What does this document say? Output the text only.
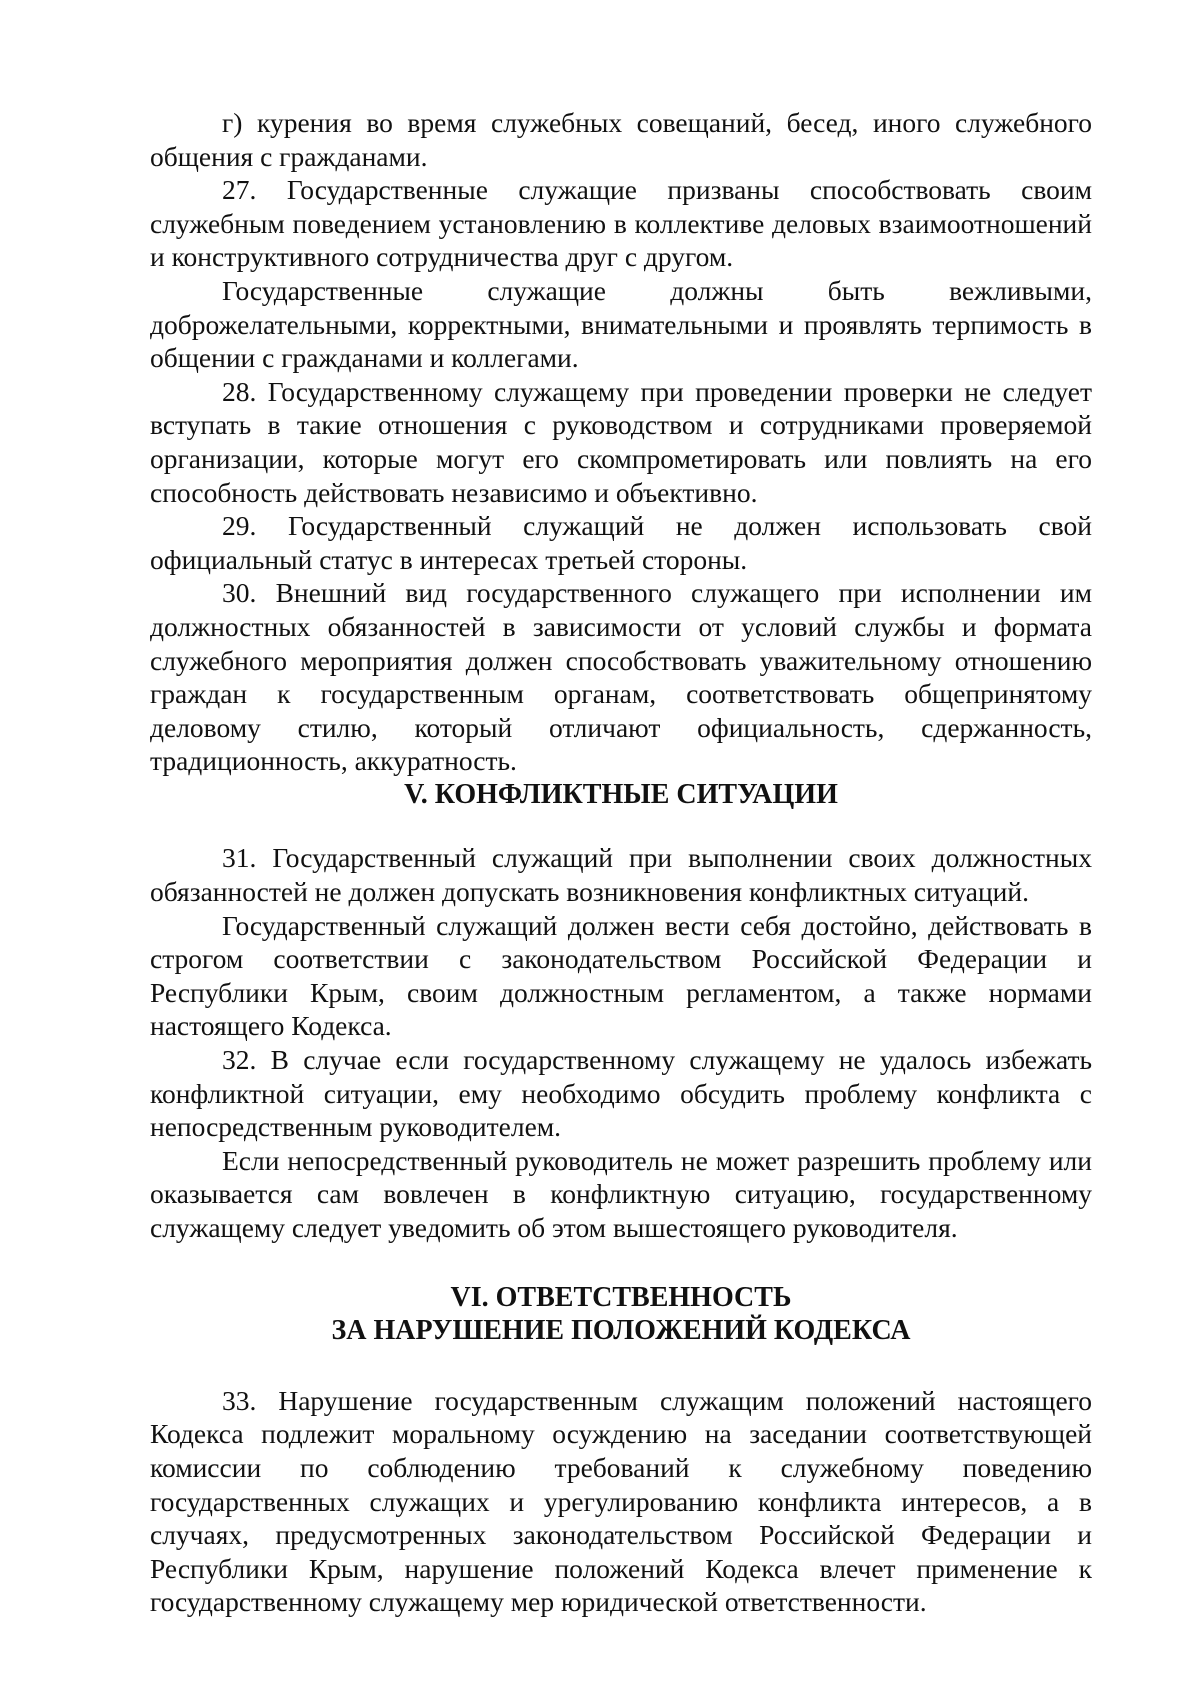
г) курения во время служебных совещаний, бесед, иного служебного общения с гражданами.

27. Государственные служащие призваны способствовать своим служебным поведением установлению в коллективе деловых взаимоотношений и конструктивного сотрудничества друг с другом.

Государственные служащие должны быть вежливыми, доброжелательными, корректными, внимательными и проявлять терпимость в общении с гражданами и коллегами.

28. Государственному служащему при проведении проверки не следует вступать в такие отношения с руководством и сотрудниками проверяемой организации, которые могут его скомпрометировать или повлиять на его способность действовать независимо и объективно.

29. Государственный служащий не должен использовать свой официальный статус в интересах третьей стороны.

30. Внешний вид государственного служащего при исполнении им должностных обязанностей в зависимости от условий службы и формата служебного мероприятия должен способствовать уважительному отношению граждан к государственным органам, соответствовать общепринятому деловому стилю, который отличают официальность, сдержанность, традиционность, аккуратность.

V. КОНФЛИКТНЫЕ СИТУАЦИИ

31. Государственный служащий при выполнении своих должностных обязанностей не должен допускать возникновения конфликтных ситуаций.

Государственный служащий должен вести себя достойно, действовать в строгом соответствии с законодательством Российской Федерации и Республики Крым, своим должностным регламентом, а также нормами настоящего Кодекса.

32. В случае если государственному служащему не удалось избежать конфликтной ситуации, ему необходимо обсудить проблему конфликта с непосредственным руководителем.

Если непосредственный руководитель не может разрешить проблему или оказывается сам вовлечен в конфликтную ситуацию, государственному служащему следует уведомить об этом вышестоящего руководителя.

VI. ОТВЕТСТВЕННОСТЬ
ЗА НАРУШЕНИЕ ПОЛОЖЕНИЙ КОДЕКСА

33. Нарушение государственным служащим положений настоящего Кодекса подлежит моральному осуждению на заседании соответствующей комиссии по соблюдению требований к служебному поведению государственных служащих и урегулированию конфликта интересов, а в случаях, предусмотренных законодательством Российской Федерации и Республики Крым, нарушение положений Кодекса влечет применение к государственному служащему мер юридической ответственности.
